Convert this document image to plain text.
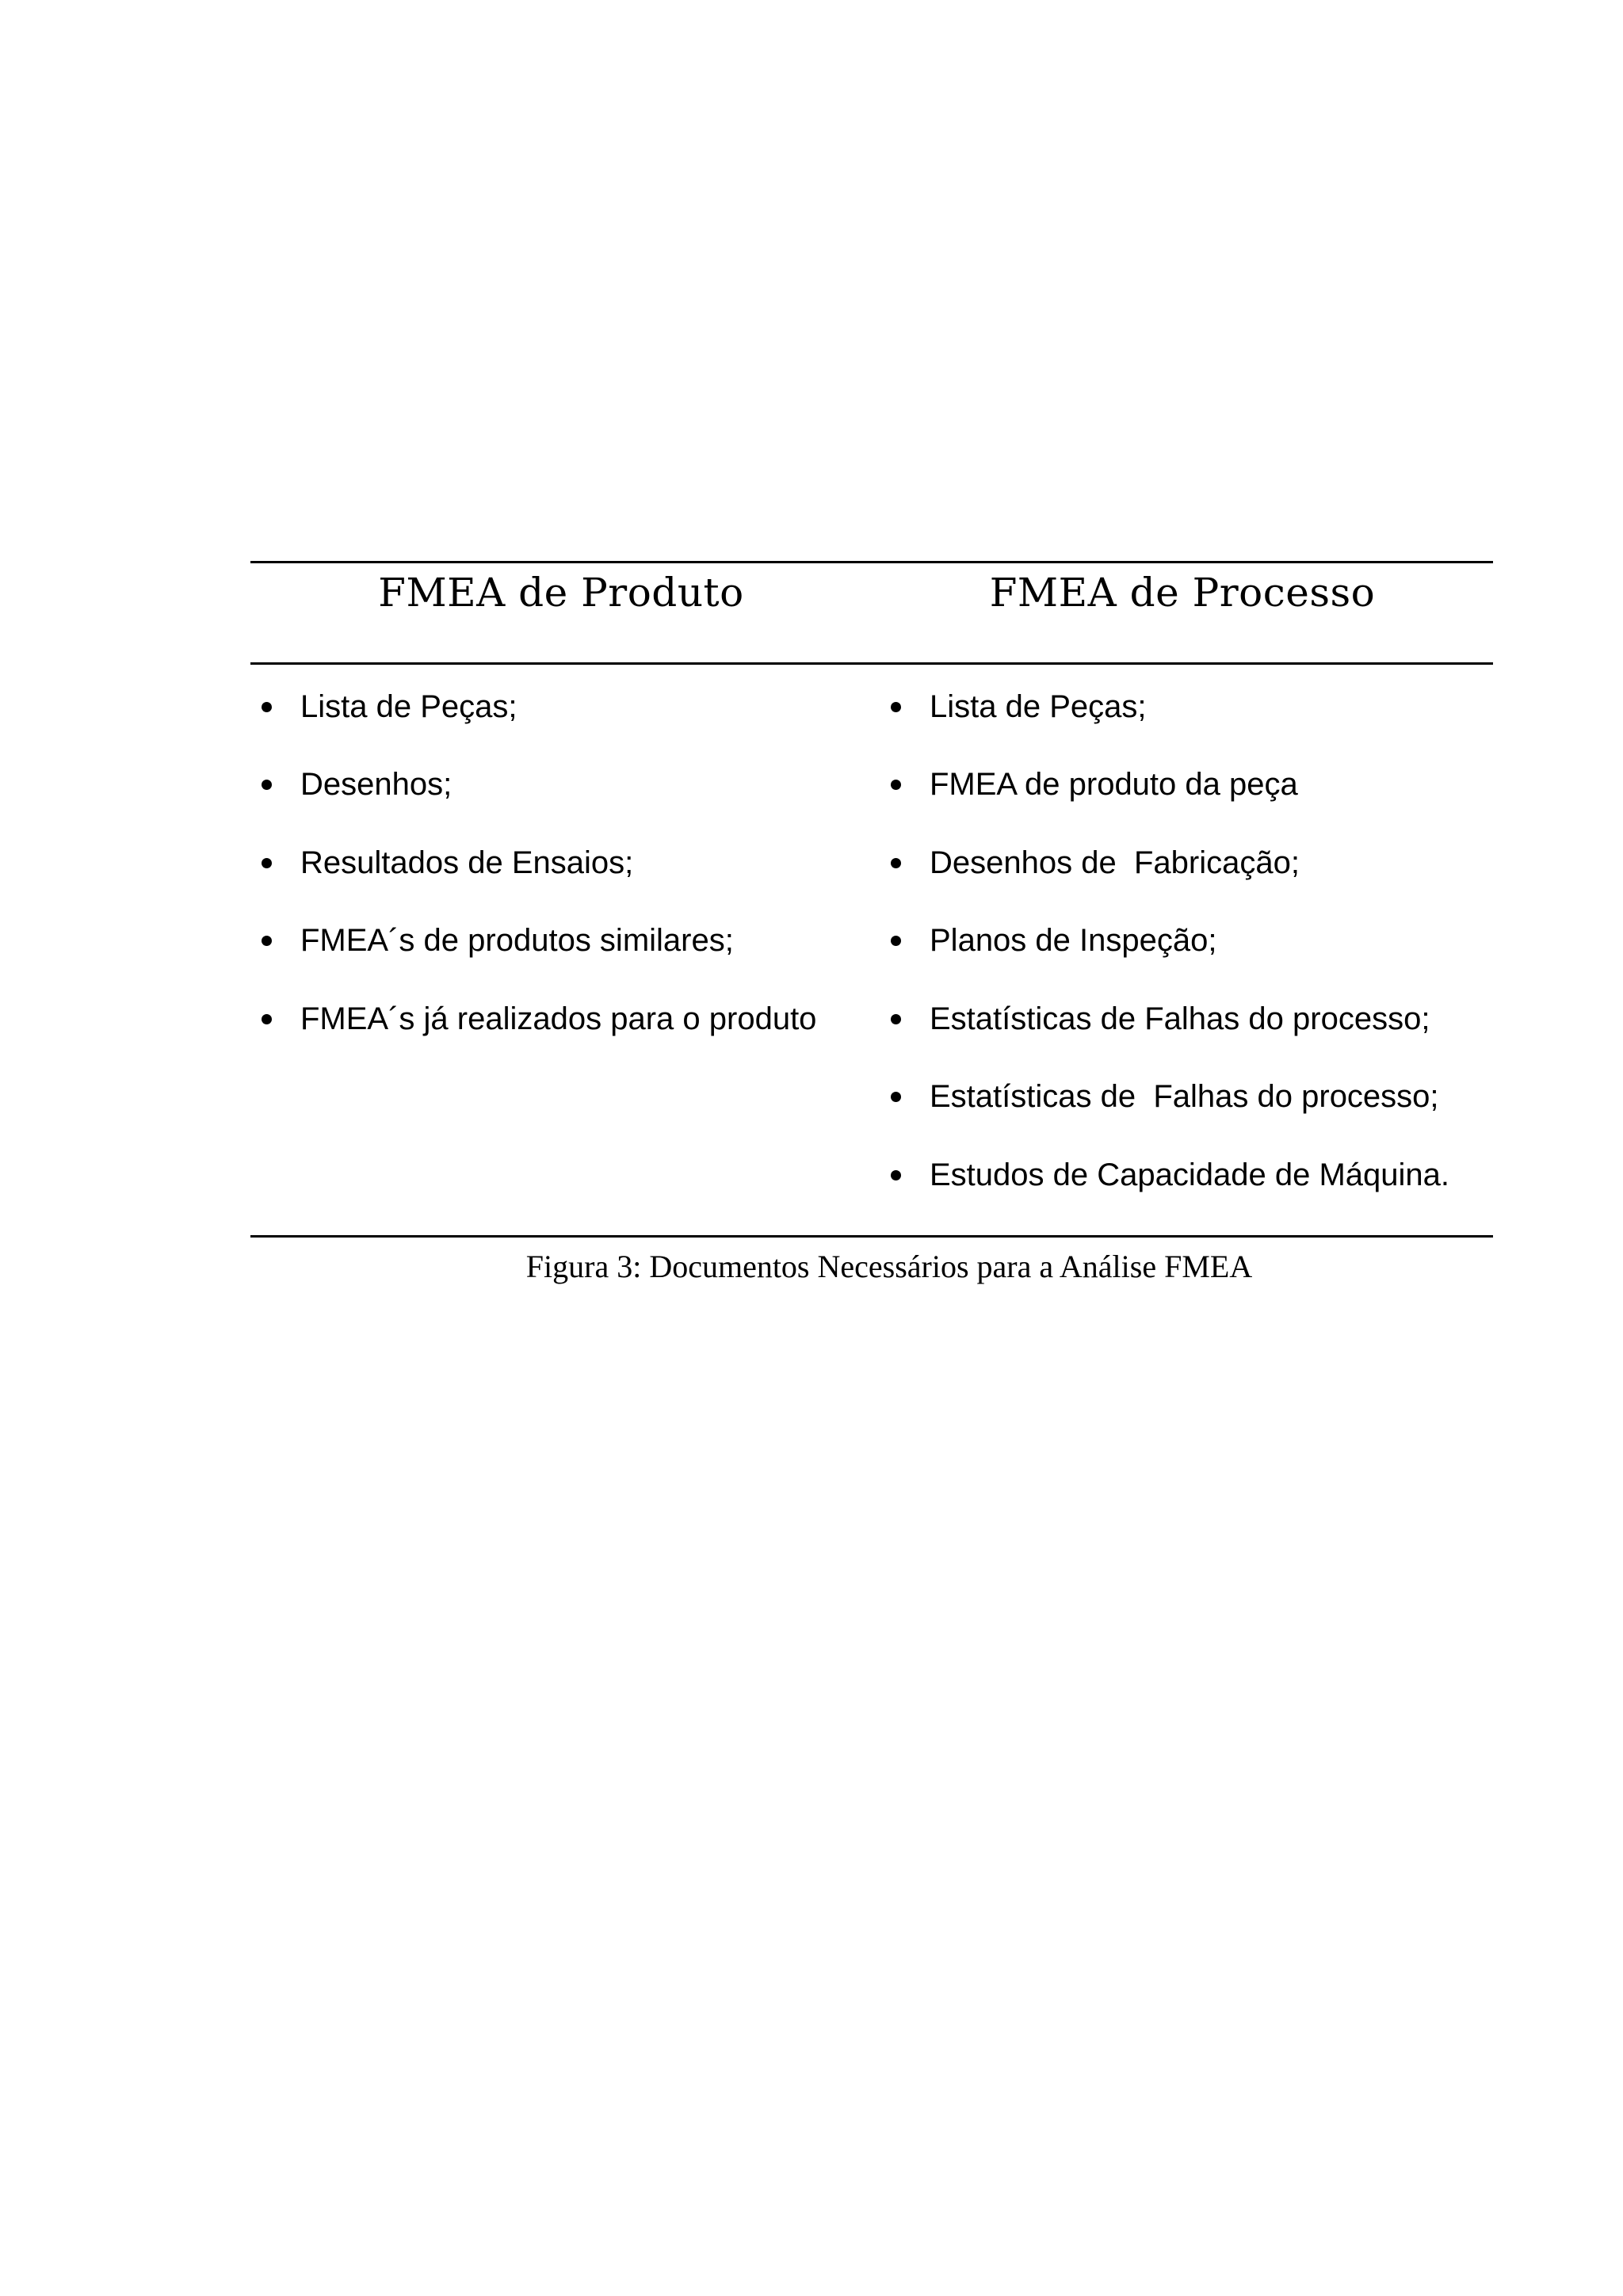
FMEA de Produto	FMEA de Processo
Lista de Peças;
Desenhos;
Resultados de Ensaios;
FMEA´s de produtos similares;
FMEA´s já realizados para o produto
Lista de Peças;
FMEA de produto da peça
Desenhos de  Fabricação;
Planos de Inspeção;
Estatísticas de Falhas do processo;
Estatísticas de  Falhas do processo;
Estudos de Capacidade de Máquina.
Figura 3: Documentos Necessários para a Análise FMEA
